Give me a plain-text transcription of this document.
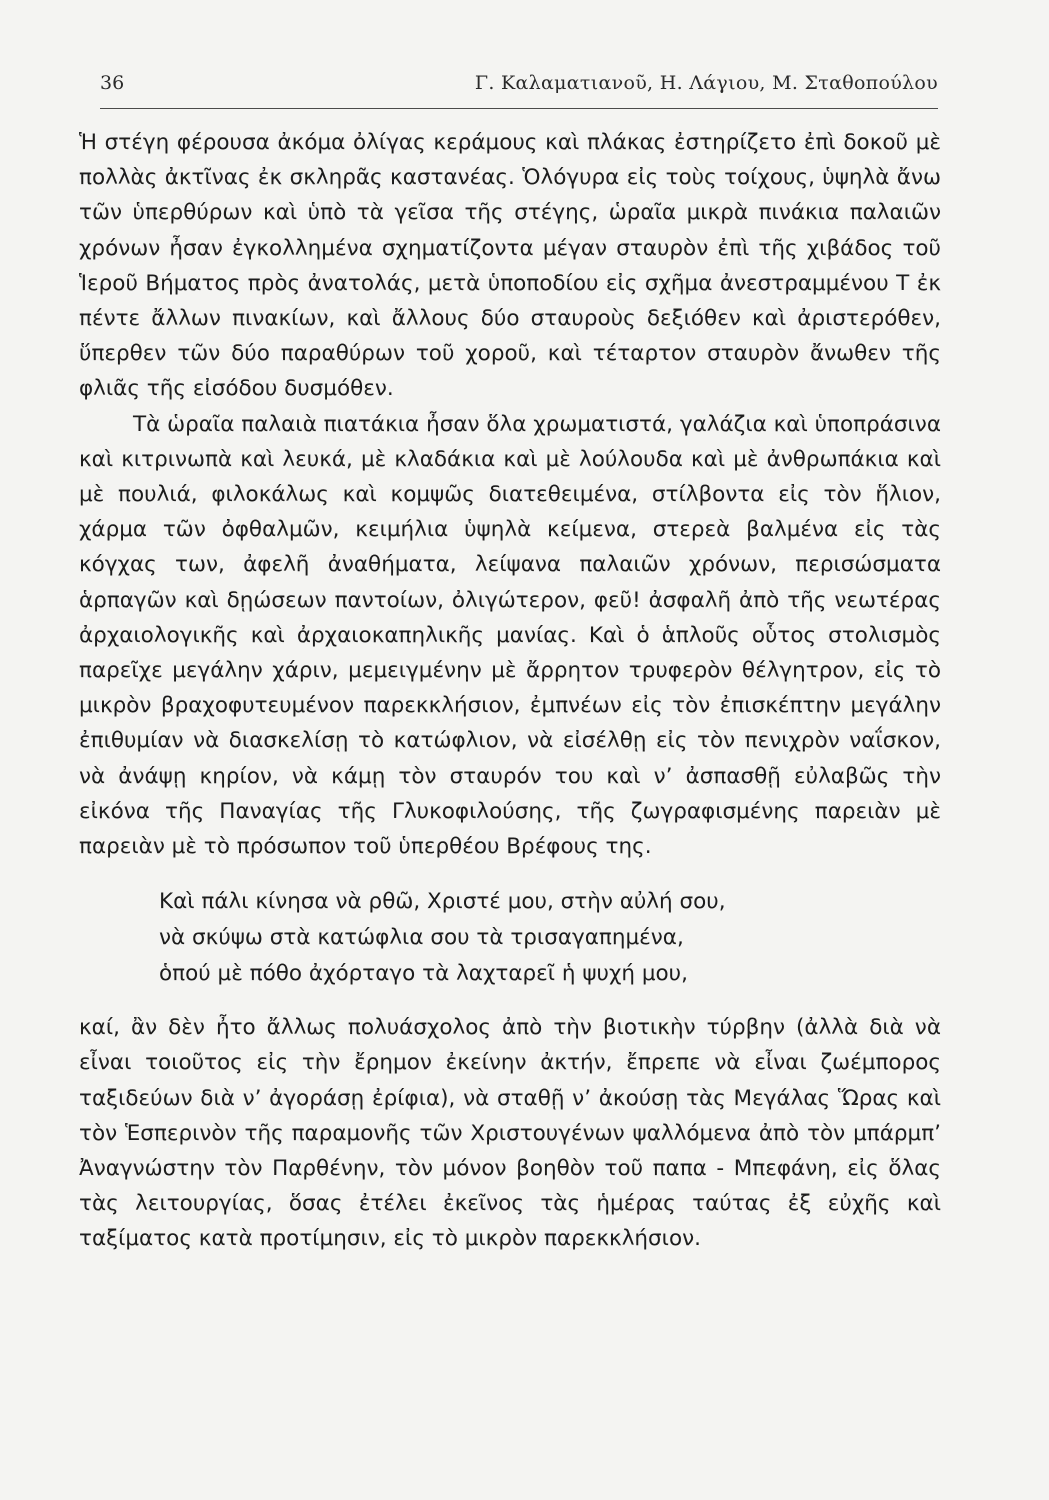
36	Γ. Καλαματιανοῦ, Η. Λάγιου, Μ. Σταθοπούλου

Ἡ στέγη φέρουσα ἀκόμα ὀλίγας κεράμους καὶ πλάκας ἐστηρίζετο ἐπὶ δοκοῦ μὲ πολλὰς ἀκτῖνας ἐκ σκληρᾶς καστανέας. Ὁλόγυρα εἰς τοὺς τοίχους, ὑψηλὰ ἄνω τῶν ὑπερθύρων καὶ ὑπὸ τὰ γεῖσα τῆς στέγης, ὡραῖα μικρὰ πινάκια παλαιῶν χρόνων ἦσαν ἐγκολλημένα σχηματίζοντα μέγαν σταυρὸν ἐπὶ τῆς χιβάδος τοῦ Ἱεροῦ Βήματος πρὸς ἀνατολάς, μετὰ ὑποποδίου εἰς σχῆμα ἀνεστραμμένου Τ ἐκ πέντε ἄλλων πινακίων, καὶ ἄλλους δύο σταυροὺς δεξιόθεν καὶ ἀριστερόθεν, ὕπερθεν τῶν δύο παραθύρων τοῦ χοροῦ, καὶ τέταρτον σταυρὸν ἄνωθεν τῆς φλιᾶς τῆς εἰσόδου δυσμόθεν.

Τὰ ὡραῖα παλαιὰ πιατάκια ἦσαν ὅλα χρωματιστά, γαλάζια καὶ ὑποπράσινα καὶ κιτρινωπὰ καὶ λευκά, μὲ κλαδάκια καὶ μὲ λούλουδα καὶ μὲ ἀνθρωπάκια καὶ μὲ πουλιά, φιλοκάλως καὶ κομψῶς διατεθειμένα, στίλβοντα εἰς τὸν ἥλιον, χάρμα τῶν ὀφθαλμῶν, κειμήλια ὑψηλὰ κείμενα, στερεὰ βαλμένα εἰς τὰς κόγχας των, ἀφελῆ ἀναθήματα, λείψανα παλαιῶν χρόνων, περισώσματα ἁρπαγῶν καὶ δῃώσεων παντοίων, ὀλιγώτερον, φεῦ! ἀσφαλῆ ἀπὸ τῆς νεωτέρας ἀρχαιολογικῆς καὶ ἀρχαιοκαπηλικῆς μανίας. Καὶ ὁ ἁπλοῦς οὗτος στολισμὸς παρεῖχε μεγάλην χάριν, μεμειγμένην μὲ ἄρρητον τρυφερὸν θέλγητρον, εἰς τὸ μικρὸν βραχοφυτευμένον παρεκκλήσιον, ἐμπνέων εἰς τὸν ἐπισκέπτην μεγάλην ἐπιθυμίαν νὰ διασκελίσῃ τὸ κατώφλιον, νὰ εἰσέλθῃ εἰς τὸν πενιχρὸν ναΐσκον, νὰ ἀνάψῃ κηρίον, νὰ κάμῃ τὸν σταυρόν του καὶ ν’ ἀσπασθῇ εὐλαβῶς τὴν εἰκόνα τῆς Παναγίας τῆς Γλυκοφιλούσης, τῆς ζωγραφισμένης παρειὰν μὲ παρειὰν μὲ τὸ πρόσωπον τοῦ ὑπερθέου Βρέφους της.

Καὶ πάλι κίνησα νὰ ρθῶ, Χριστέ μου, στὴν αὐλή σου,
νὰ σκύψω στὰ κατώφλια σου τὰ τρισαγαπημένα,
ὁπού μὲ πόθο ἀχόρταγο τὰ λαχταρεῖ ἡ ψυχή μου,

καί, ἂν δὲν ἦτο ἄλλως πολυάσχολος ἀπὸ τὴν βιοτικὴν τύρβην (ἀλλὰ διὰ νὰ εἶναι τοιοῦτος εἰς τὴν ἔρημον ἐκείνην ἀκτήν, ἔπρεπε νὰ εἶναι ζωέμπορος ταξιδεύων διὰ ν’ ἀγοράσῃ ἐρίφια), νὰ σταθῇ ν’ ἀκούσῃ τὰς Μεγάλας Ὥρας καὶ τὸν Ἑσπερινὸν τῆς παραμονῆς τῶν Χριστουγένων ψαλλόμενα ἀπὸ τὸν μπάρμπ’ Ἀναγνώστην τὸν Παρθένην, τὸν μόνον βοηθὸν τοῦ παπα - Μπεφάνη, εἰς ὅλας τὰς λειτουργίας, ὅσας ἐτέλει ἐκεῖνος τὰς ἡμέρας ταύτας ἐξ εὐχῆς καὶ ταξίματος κατὰ προτίμησιν, εἰς τὸ μικρὸν παρεκκλήσιον.
